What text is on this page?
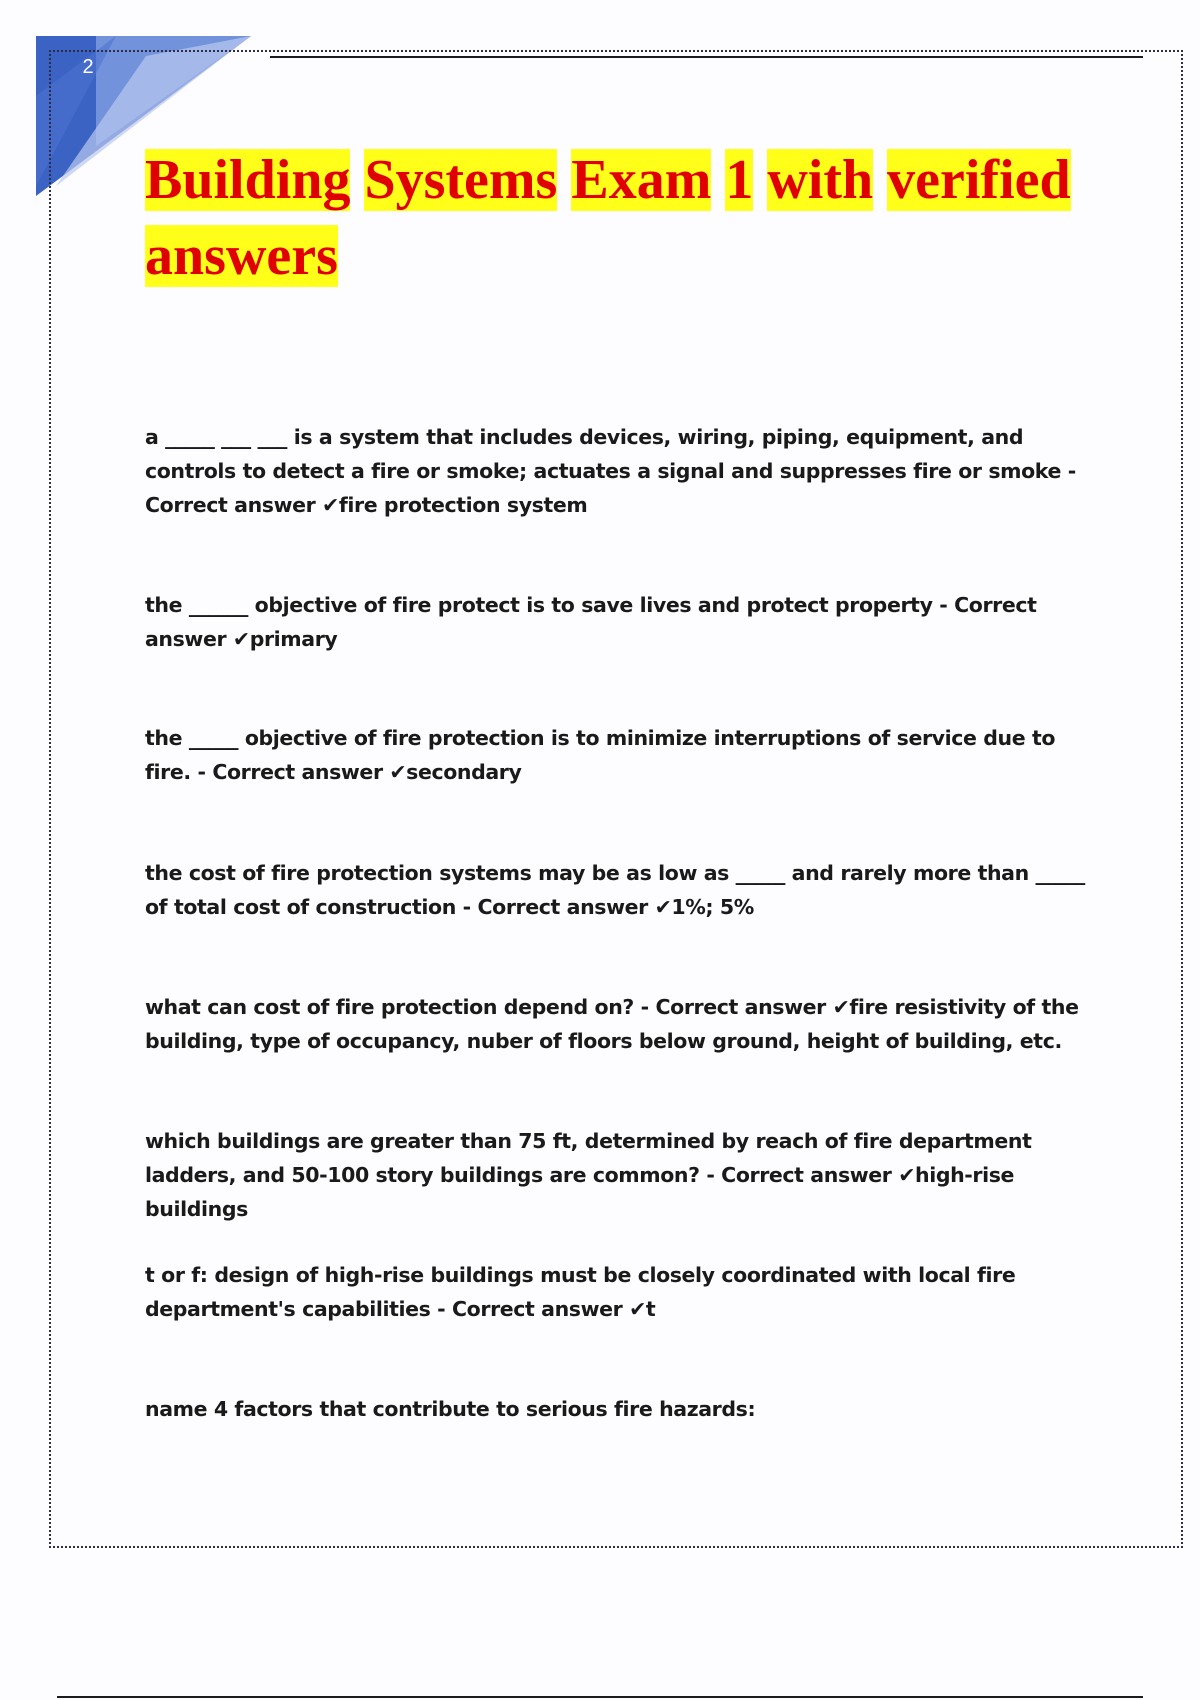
2
Building Systems Exam 1 with verified
answers

a _____ ___ ___ is a system that includes devices, wiring, piping, equipment, and controls to detect a fire or smoke; actuates a signal and suppresses fire or smoke - Correct answer ✔fire protection system

the ______ objective of fire protect is to save lives and protect property - Correct answer ✔primary

the _____ objective of fire protection is to minimize interruptions of service due to fire. - Correct answer ✔secondary

the cost of fire protection systems may be as low as _____ and rarely more than _____ of total cost of construction - Correct answer ✔1%; 5%

what can cost of fire protection depend on? - Correct answer ✔fire resistivity of the building, type of occupancy, nuber of floors below ground, height of building, etc.

which buildings are greater than 75 ft, determined by reach of fire department ladders, and 50-100 story buildings are common? - Correct answer ✔high-rise buildings

t or f: design of high-rise buildings must be closely coordinated with local fire department's capabilities - Correct answer ✔t

name 4 factors that contribute to serious fire hazards:
